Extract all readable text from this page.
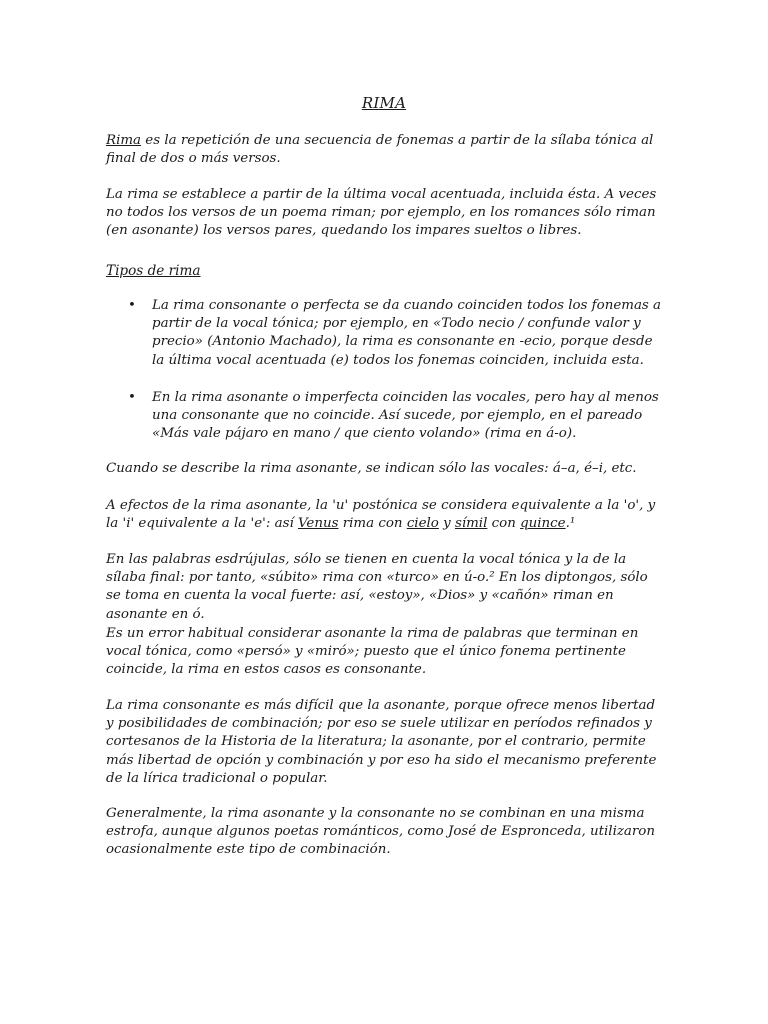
RIMA

Rima es la repetición de una secuencia de fonemas a partir de la sílaba tónica al final de dos o más versos.

La rima se establece a partir de la última vocal acentuada, incluida ésta. A veces no todos los versos de un poema riman; por ejemplo, en los romances sólo riman (en asonante) los versos pares, quedando los impares sueltos o libres.

Tipos de rima
• La rima consonante o perfecta se da cuando coinciden todos los fonemas a partir de la vocal tónica; por ejemplo, en «Todo necio / confunde valor y precio» (Antonio Machado), la rima es consonante en -ecio, porque desde la última vocal acentuada (e) todos los fonemas coinciden, incluida esta.

• En la rima asonante o imperfecta coinciden las vocales, pero hay al menos una consonante que no coincide. Así sucede, por ejemplo, en el pareado «Más vale pájaro en mano / que ciento volando» (rima en á-o).

Cuando se describe la rima asonante, se indican sólo las vocales: á–a, é–i, etc.

A efectos de la rima asonante, la 'u' postónica se considera equivalente a la 'o', y la 'i' equivalente a la 'e': así Venus rima con cielo y símil con quince.¹

En las palabras esdrújulas, sólo se tienen en cuenta la vocal tónica y la de la sílaba final: por tanto, «súbito» rima con «turco» en ú-o.² En los diptongos, sólo se toma en cuenta la vocal fuerte: así, «estoy», «Dios» y «cañón» riman en asonante en ó.

Es un error habitual considerar asonante la rima de palabras que terminan en vocal tónica, como «persó» y «miró»; puesto que el único fonema pertinente coincide, la rima en estos casos es consonante.

La rima consonante es más difícil que la asonante, porque ofrece menos libertad y posibilidades de combinación; por eso se suele utilizar en períodos refinados y cortesanos de la Historia de la literatura; la asonante, por el contrario, permite más libertad de opción y combinación y por eso ha sido el mecanismo preferente de la lírica tradicional o popular.

Generalmente, la rima asonante y la consonante no se combinan en una misma estrofa, aunque algunos poetas románticos, como José de Espronceda, utilizaron ocasionalmente este tipo de combinación.
